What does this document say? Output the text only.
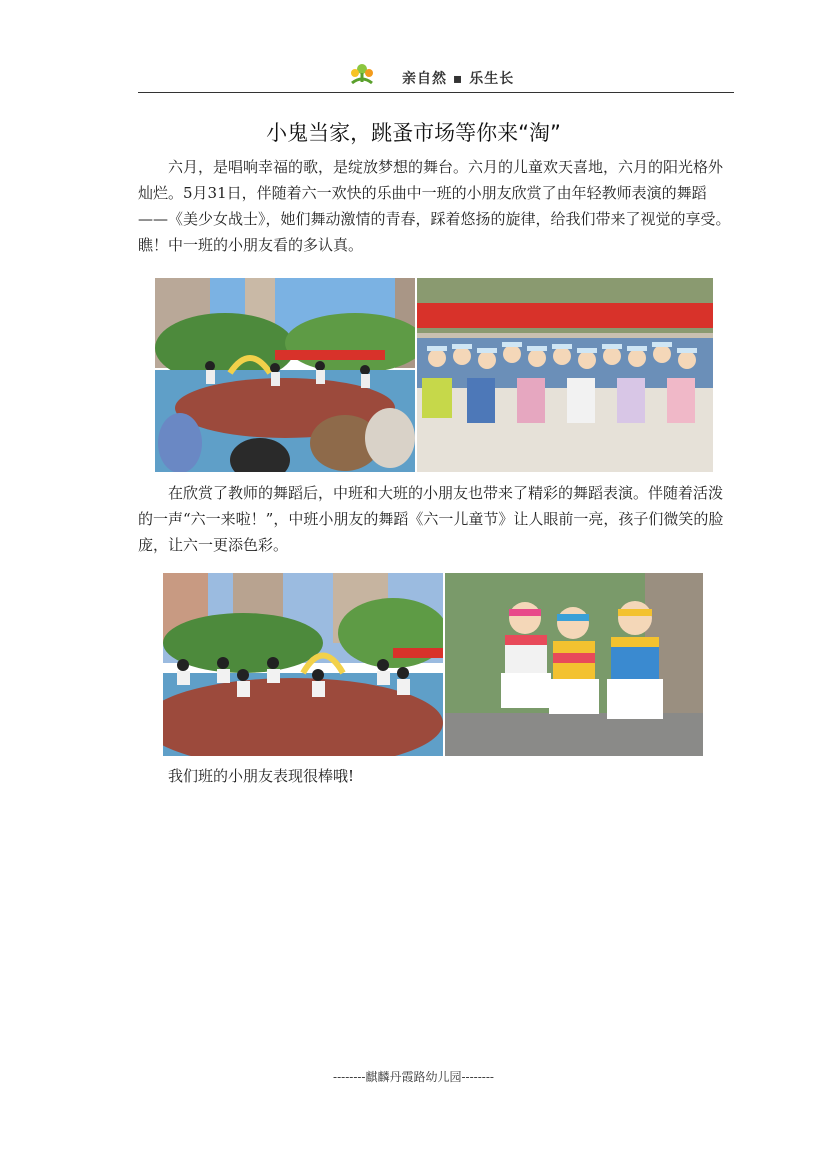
亲自然 ▪ 乐生长
小鬼当家，跳蚤市场等你来“淘”

六月，是唱响幸福的歌，是绽放梦想的舞台。六月的儿童欢天喜地，六月的阳光格外灿烂。5月31日，伴随着六一欢快的乐曲中一班的小朋友欣赏了由年轻教师表演的舞蹈——《美少女战士》，她们舞动激情的青春，踩着悠扬的旋律，给我们带来了视觉的享受。瞧！中一班的小朋友看的多认真。

在欣赏了教师的舞蹈后，中班和大班的小朋友也带来了精彩的舞蹈表演。伴随着活泼的一声“六一来啦！”，中班小朋友的舞蹈《六一儿童节》让人眼前一亮，孩子们微笑的脸庞，让六一更添色彩。

我们班的小朋友表现很棒哦!

--------麒麟丹霞路幼儿园--------
